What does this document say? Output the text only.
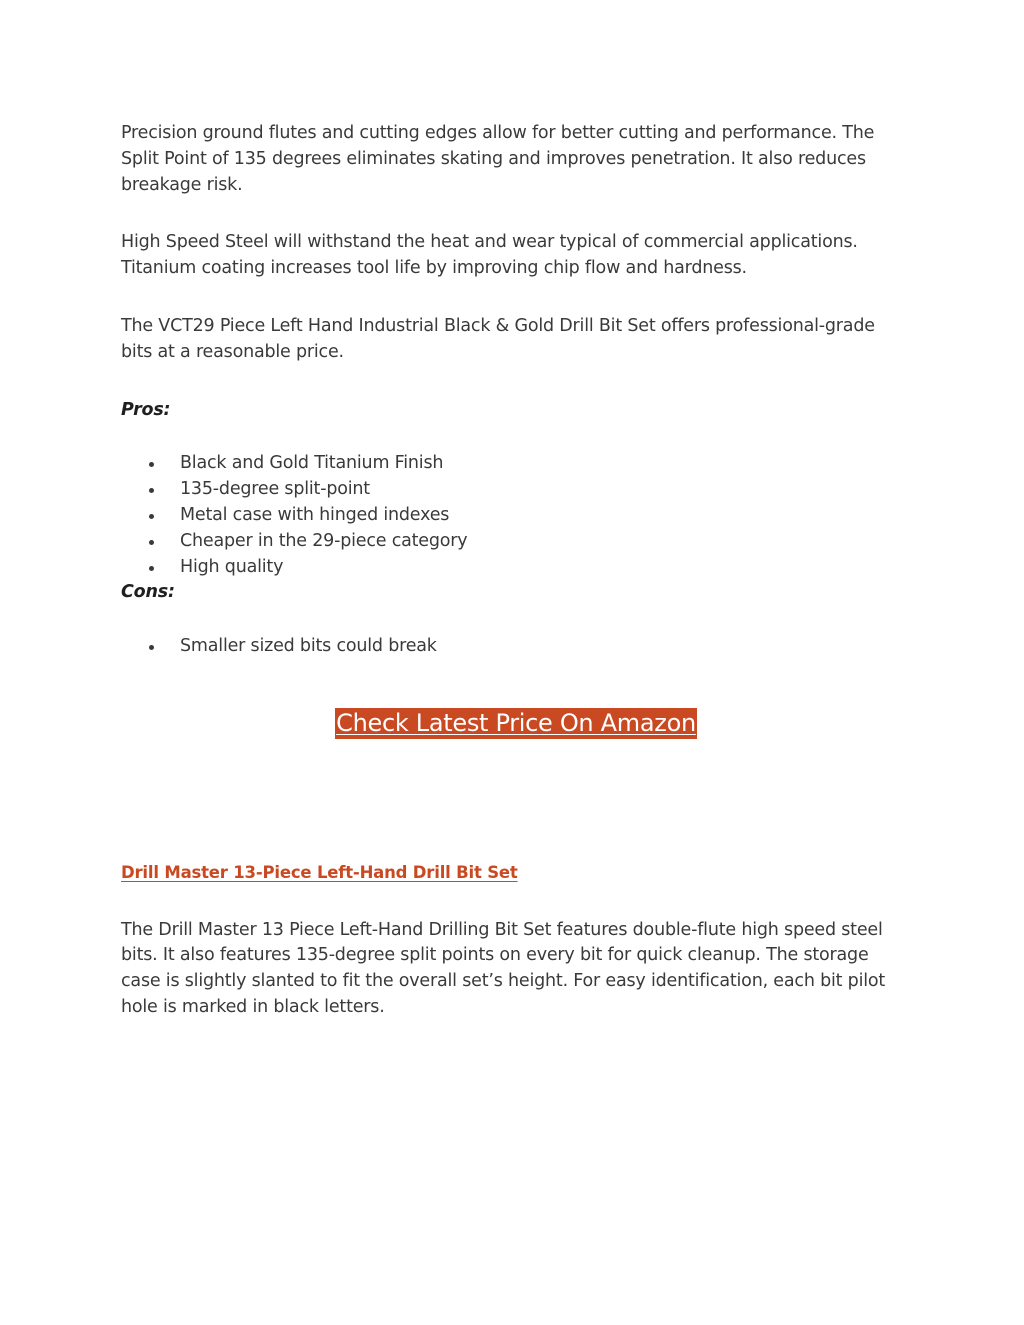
Precision ground flutes and cutting edges allow for better cutting and performance. The Split Point of 135 degrees eliminates skating and improves penetration. It also reduces breakage risk.

High Speed Steel will withstand the heat and wear typical of commercial applications. Titanium coating increases tool life by improving chip flow and hardness.

The VCT29 Piece Left Hand Industrial Black & Gold Drill Bit Set offers professional-grade bits at a reasonable price.

Pros:

Black and Gold Titanium Finish
135-degree split-point
Metal case with hinged indexes
Cheaper in the 29-piece category
High quality

Cons:

Smaller sized bits could break
Check Latest Price On Amazon

Drill Master 13-Piece Left-Hand Drill Bit Set

The Drill Master 13 Piece Left-Hand Drilling Bit Set features double-flute high speed steel bits. It also features 135-degree split points on every bit for quick cleanup. The storage case is slightly slanted to fit the overall set’s height. For easy identification, each bit pilot hole is marked in black letters.
